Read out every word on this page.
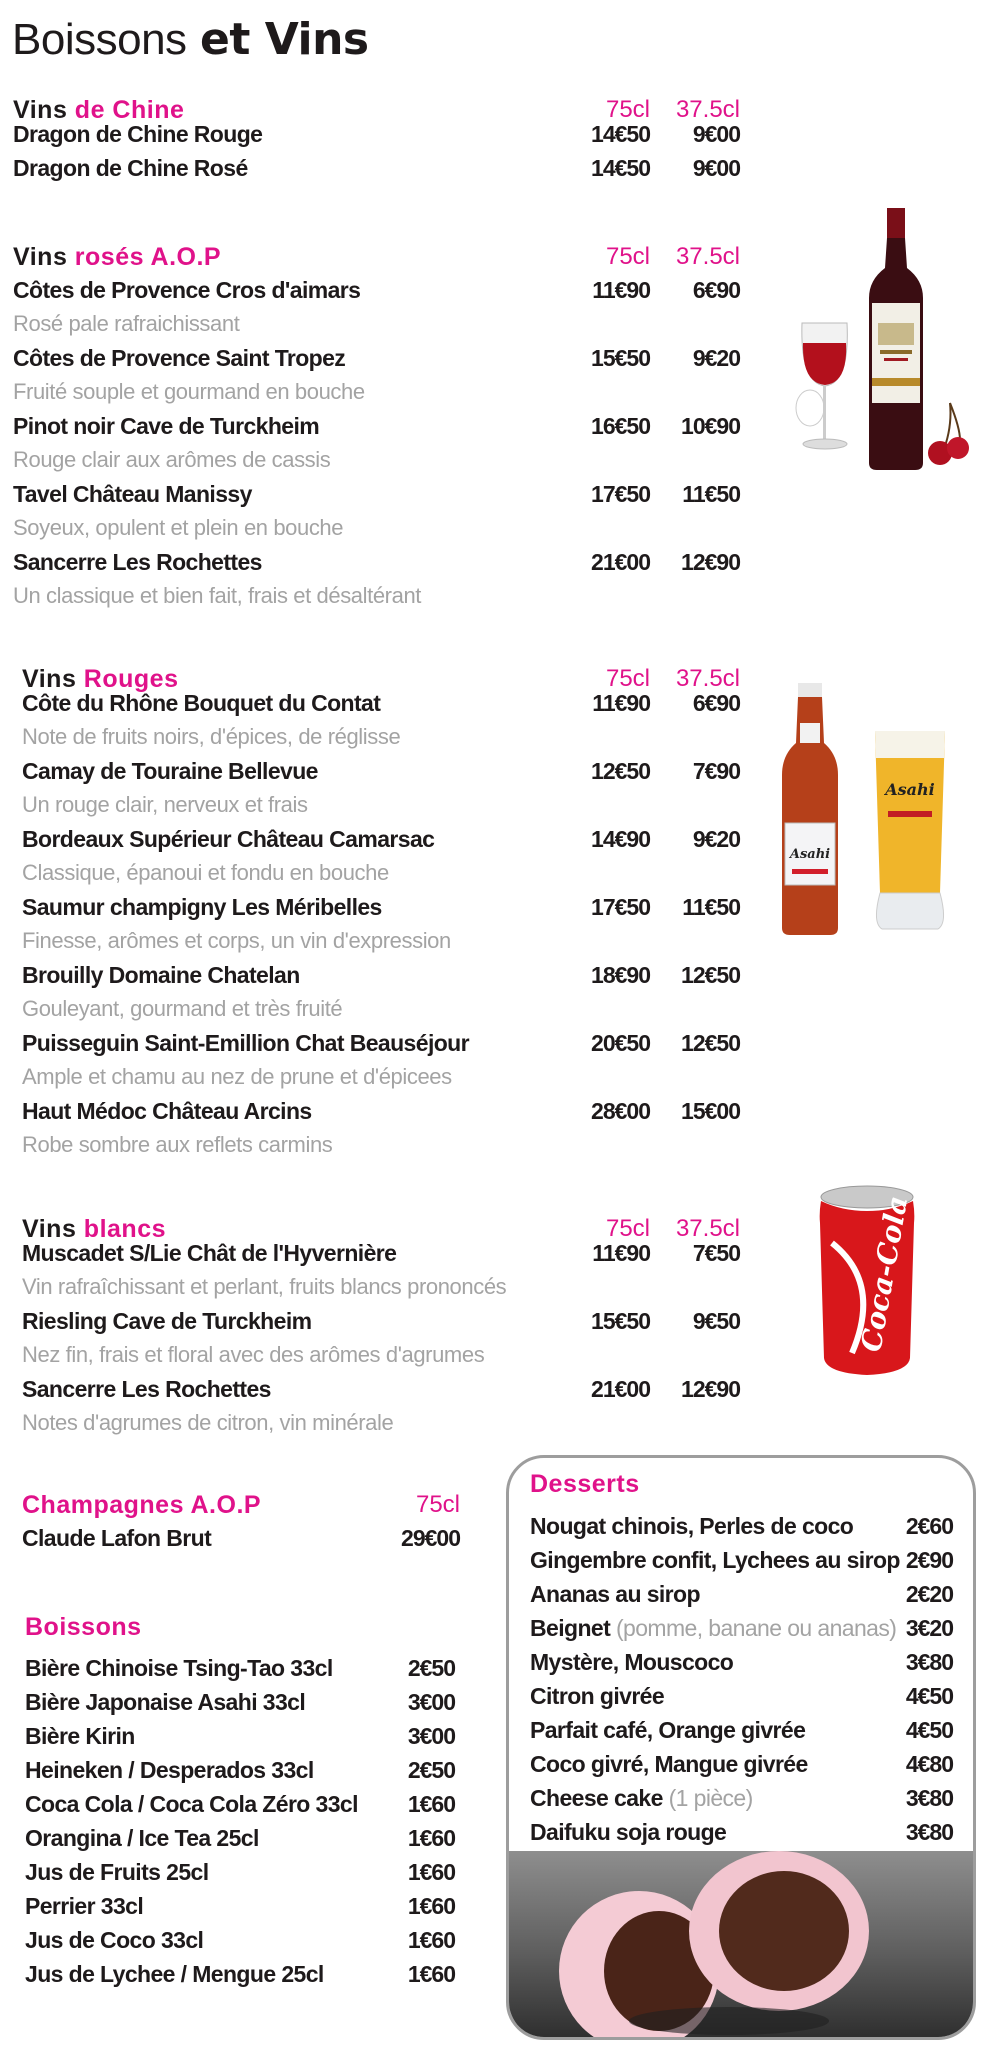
Boissons et Vins
Vins de Chine	75cl 37.5cl
Dragon de Chine Rouge	14€50 9€00
Dragon de Chine Rosé	14€50 9€00
Vins rosés A.O.P	75cl 37.5cl
Côtes de Provence Cros d'aimars	11€90 6€90
Rosé pale rafraichissant
Côtes de Provence Saint Tropez	15€50 9€20
Fruité souple et gourmand en bouche
Pinot noir Cave de Turckheim	16€50 10€90
Rouge clair aux arômes de cassis
Tavel Château Manissy	17€50 11€50
Soyeux, opulent et plein en bouche
Sancerre Les Rochettes	21€00 12€90
Un classique et bien fait, frais et désaltérant
Vins Rouges	75cl 37.5cl
Côte du Rhône Bouquet du Contat	11€90 6€90
Note de fruits noirs, d'épices, de réglisse
Camay de Touraine Bellevue	12€50 7€90
Un rouge clair, nerveux et frais
Bordeaux Supérieur Château Camarsac	14€90 9€20
Classique, épanoui et fondu en bouche
Saumur champigny Les Méribelles	17€50 11€50
Finesse, arômes et corps, un vin d'expression
Brouilly Domaine Chatelan	18€90 12€50
Gouleyant, gourmand et très fruité
Puisseguin Saint-Emillion Chat Beauséjour	20€50 12€50
Ample et chamu au nez de prune et d'épicees
Haut Médoc Château Arcins	28€00 15€00
Robe sombre aux reflets carmins
Asahi
Asahi
Vins blancs	75cl 37.5cl
Muscadet S/Lie Chât de l'Hyvernière	11€90 7€50
Vin rafraîchissant et perlant, fruits blancs prononcés
Riesling Cave de Turckheim	15€50 9€50
Nez fin, frais et floral avec des arômes d'agrumes
Sancerre Les Rochettes	21€00 12€90
Notes d'agrumes de citron, vin minérale
Coca-Cola
Champagnes A.O.P	75cl
Claude Lafon Brut	29€00
Boissons
Bière Chinoise Tsing-Tao 33cl	2€50
Bière Japonaise Asahi 33cl	3€00
Bière Kirin	3€00
Heineken / Desperados 33cl	2€50
Coca Cola / Coca Cola Zéro 33cl 1€60
Orangina / Ice Tea 25cl	1€60
Jus de Fruits 25cl	1€60
Perrier 33cl	1€60
Jus de Coco 33cl	1€60
Jus de Lychee / Mengue 25cl	1€60
Desserts
Nougat chinois, Perles de coco 2€60
Gingembre confit, Lychees au sirop 2€90
Ananas au sirop	2€20
Beignet (pomme, banane ou ananas) 3€20
Mystère, Mouscoco	3€80
Citron givrée	4€50
Parfait café, Orange givrée	4€50
Coco givré, Mangue givrée	4€80
Cheese cake (1 pièce)	3€80
Daifuku soja rouge	3€80
